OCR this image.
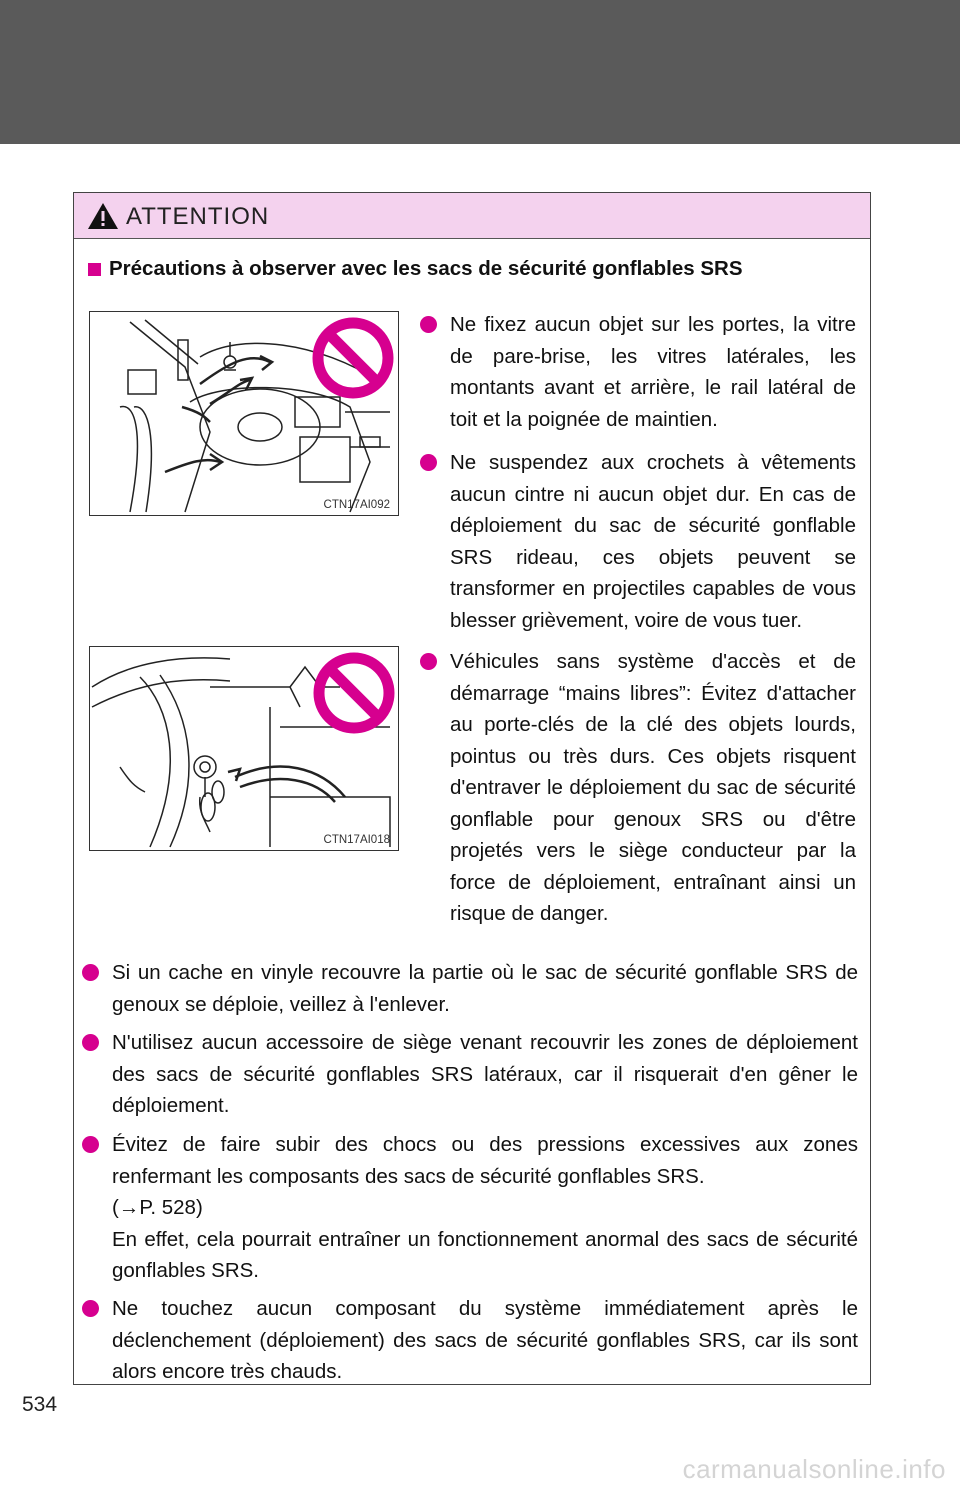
ATTENTION
Précautions à observer avec les sacs de sécurité gonflables SRS
CTN17AI092
CTN17AI018
Ne fixez aucun objet sur les portes, la vitre de pare-brise, les vitres latérales, les montants avant et arrière, le rail latéral de toit et la poignée de maintien.
Ne suspendez aux crochets à vêtements aucun cintre ni aucun objet dur. En cas de déploiement du sac de sécurité gonflable SRS rideau, ces objets peuvent se transformer en projectiles capables de vous blesser grièvement, voire de vous tuer.
Véhicules sans système d'accès et de démarrage “mains libres”: Évitez d'attacher au porte-clés de la clé des objets lourds, pointus ou très durs. Ces objets risquent d'entraver le déploiement du sac de sécurité gonflable pour genoux SRS ou d'être projetés vers le siège conducteur par la force de déploiement, entraînant ainsi un risque de danger.
Si un cache en vinyle recouvre la partie où le sac de sécurité gonflable SRS de genoux se déploie, veillez à l'enlever.
N'utilisez aucun accessoire de siège venant recouvrir les zones de déploiement des sacs de sécurité gonflables SRS latéraux, car il risquerait d'en gêner le déploiement.
Évitez de faire subir des chocs ou des pressions excessives aux zones renfermant les composants des sacs de sécurité gonflables SRS.
(→P. 528)
En effet, cela pourrait entraîner un fonctionnement anormal des sacs de sécurité gonflables SRS.
Ne touchez aucun composant du système immédiatement après le déclenchement (déploiement) des sacs de sécurité gonflables SRS, car ils sont alors encore très chauds.
534
carmanualsonline.info
